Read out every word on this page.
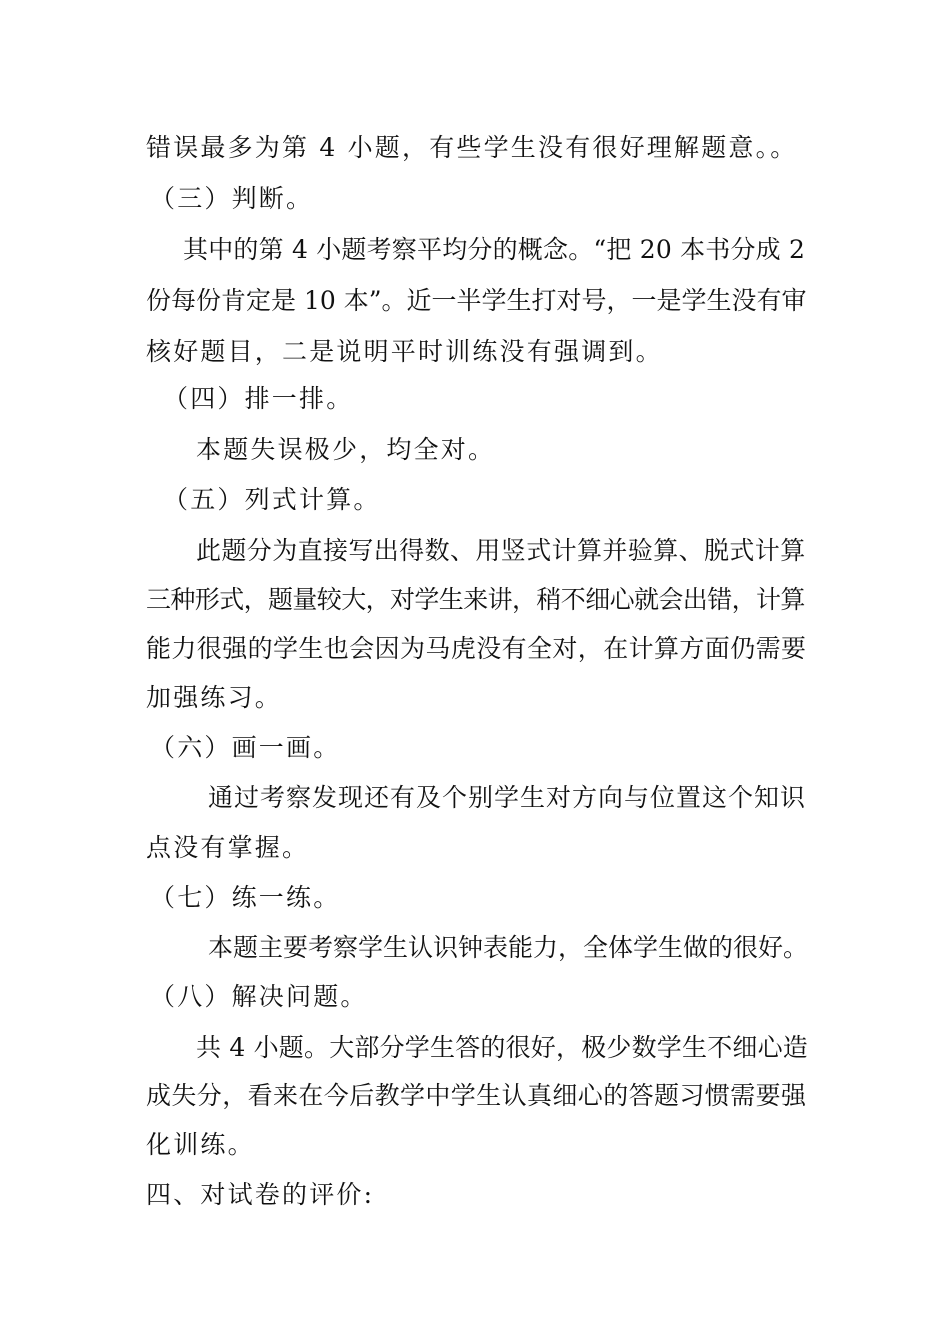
错误最多为第 4 小题，有些学生没有很好理解题意。。
（三）判断。
其中的第 4 小题考察平均分的概念。“把 20 本书分成 2
份每份肯定是 10 本”。近一半学生打对号，一是学生没有审
核好题目，二是说明平时训练没有强调到。
（四）排一排。
本题失误极少，均全对。
（五）列式计算。
此题分为直接写出得数、用竖式计算并验算、脱式计算
三种形式，题量较大，对学生来讲，稍不细心就会出错，计算
能力很强的学生也会因为马虎没有全对，在计算方面仍需要
加强练习。
（六）画一画。
通过考察发现还有及个别学生对方向与位置这个知识
点没有掌握。
（七）练一练。
本题主要考察学生认识钟表能力，全体学生做的很好。
（八）解决问题。
共 4 小题。大部分学生答的很好，极少数学生不细心造
成失分，看来在今后教学中学生认真细心的答题习惯需要强
化训练。
四、对试卷的评价:
